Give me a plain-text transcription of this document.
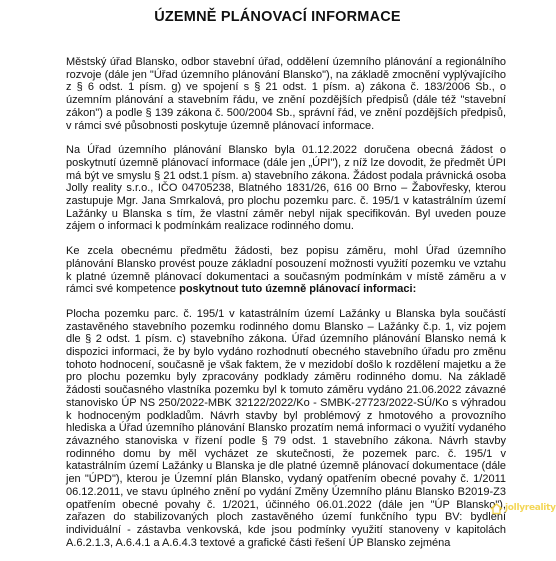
ÚZEMNĚ PLÁNOVACÍ INFORMACE

Městský úřad Blansko, odbor stavební úřad, oddělení územního plánování a regionálního rozvoje (dále jen "Úřad územního plánování Blansko"), na základě zmocnění vyplývajícího z § 6 odst. 1 písm. g) ve spojení s § 21 odst. 1 písm. a) zákona č. 183/2006 Sb., o územním plánování a stavebním řádu, ve znění pozdějších předpisů (dále též "stavební zákon") a podle § 139 zákona č. 500/2004 Sb., správní řád, ve znění pozdějších předpisů, v rámci své působnosti poskytuje územně plánovací informace.

Na Úřad územního plánování Blansko byla 01.12.2022 doručena obecná žádost o poskytnutí územně plánovací informace (dále jen „ÚPI"), z níž lze dovodit, že předmět ÚPI má být ve smyslu § 21 odst.1 písm. a) stavebního zákona. Žádost podala právnická osoba Jolly reality s.r.o., IČO 04705238, Blatného 1831/26, 616 00 Brno – Žabovřesky, kterou zastupuje Mgr. Jana Smrkalová, pro plochu pozemku parc. č. 195/1 v katastrálním území Lažánky u Blanska s tím, že vlastní záměr nebyl nijak specifikován. Byl uveden pouze zájem o informaci k podmínkám realizace rodinného domu.

Ke zcela obecnému předmětu žádosti, bez popisu záměru, mohl Úřad územního plánování Blansko provést pouze základní posouzení možnosti využití pozemku ve vztahu k platné územně plánovací dokumentaci a současným podmínkám v místě záměru a v rámci své kompetence poskytnout tuto územně plánovací informaci:

Plocha pozemku parc. č. 195/1 v katastrálním území Lažánky u Blanska byla součástí zastavěného stavebního pozemku rodinného domu Blansko – Lažánky č.p. 1, viz pojem dle § 2 odst. 1 písm. c) stavebního zákona. Úřad územního plánování Blansko nemá k dispozici informaci, že by bylo vydáno rozhodnutí obecného stavebního úřadu pro změnu tohoto hodnocení, současně je však faktem, že v mezidobí došlo k rozdělení majetku a že pro plochu pozemku byly zpracovány podklady záměru rodinného domu. Na základě žádosti současného vlastníka pozemku byl k tomuto záměru vydáno 21.06.2022 závazné stanovisko ÚP NS 250/2022-MBK 32122/2022/Ko - SMBK-27723/2022-SÚ/Ko s výhradou k hodnoceným podkladům. Návrh stavby byl problémový z hmotového a provozního hlediska a Úřad územního plánování Blansko prozatím nemá informaci o využití vydaného závazného stanoviska v řízení podle § 79 odst. 1 stavebního zákona. Návrh stavby rodinného domu by měl vycházet ze skutečnosti, že pozemek parc. č. 195/1 v katastrálním území Lažánky u Blanska je dle platné územně plánovací dokumentace (dále jen "ÚPD"), kterou je Územní plán Blansko, vydaný opatřením obecné povahy č. 1/2011 06.12.2011, ve stavu úplného znění po vydání Změny Územního plánu Blansko B2019-Z3 opatřením obecné povahy č. 1/2021, účinného 06.01.2022 (dále jen "ÚP Blansko"), zařazen do stabilizovaných ploch zastavěného území funkčního typu BV: bydlení individuální - zástavba venkovská, kde jsou podmínky využití stanoveny v kapitolách A.6.2.1.3, A.6.4.1 a A.6.4.3 textové a grafické části řešení ÚP Blansko zejména

jollyreality
